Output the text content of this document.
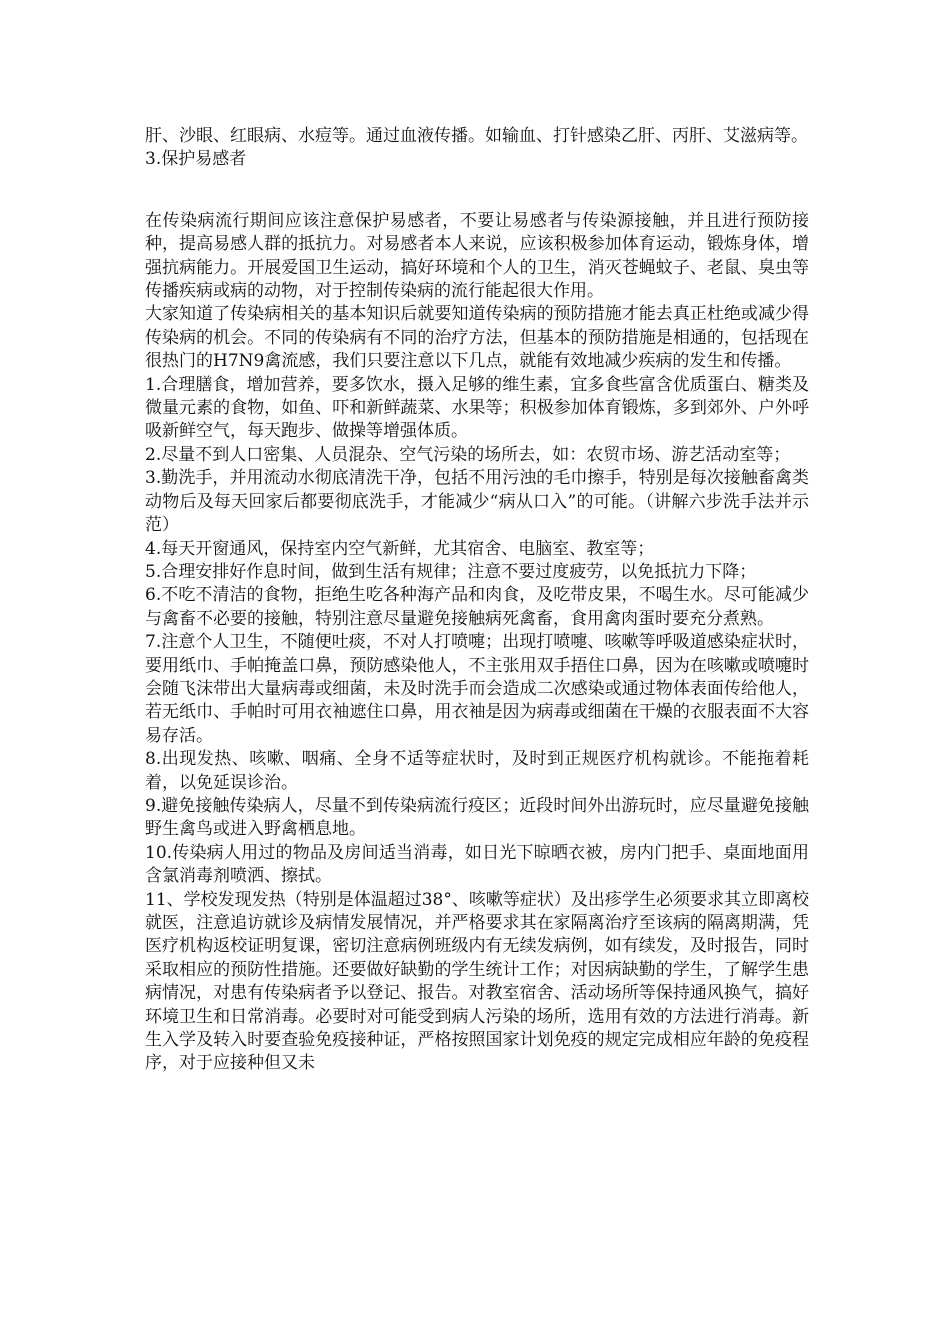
肝、沙眼、红眼病、水痘等。通过血液传播。如输血、打针感染乙肝、丙肝、艾滋病等。

3.保护易感者

在传染病流行期间应该注意保护易感者，不要让易感者与传染源接触，并且进行预防接种，提高易感人群的抵抗力。对易感者本人来说，应该积极参加体育运动，锻炼身体，增强抗病能力。开展爱国卫生运动，搞好环境和个人的卫生，消灭苍蝇蚊子、老鼠、臭虫等传播疾病或病的动物，对于控制传染病的流行能起很大作用。

大家知道了传染病相关的基本知识后就要知道传染病的预防措施才能去真正杜绝或减少得传染病的机会。不同的传染病有不同的治疗方法，但基本的预防措施是相通的，包括现在很热门的H7N9禽流感，我们只要注意以下几点，就能有效地减少疾病的发生和传播。

1.合理膳食，增加营养，要多饮水，摄入足够的维生素，宜多食些富含优质蛋白、糖类及微量元素的食物，如鱼、吓和新鲜蔬菜、水果等；积极参加体育锻炼，多到郊外、户外呼吸新鲜空气，每天跑步、做操等增强体质。

2.尽量不到人口密集、人员混杂、空气污染的场所去，如：农贸市场、游艺活动室等；

3.勤洗手，并用流动水彻底清洗干净，包括不用污浊的毛巾擦手，特别是每次接触畜禽类动物后及每天回家后都要彻底洗手，才能减少“病从口入”的可能。（讲解六步洗手法并示范）

4.每天开窗通风，保持室内空气新鲜，尤其宿舍、电脑室、教室等；

5.合理安排好作息时间，做到生活有规律；注意不要过度疲劳，以免抵抗力下降；

6.不吃不清洁的食物，拒绝生吃各种海产品和肉食，及吃带皮果，不喝生水。尽可能减少与禽畜不必要的接触，特别注意尽量避免接触病死禽畜，食用禽肉蛋时要充分煮熟。

7.注意个人卫生，不随便吐痰，不对人打喷嚏；出现打喷嚏、咳嗽等呼吸道感染症状时，要用纸巾、手帕掩盖口鼻，预防感染他人，不主张用双手捂住口鼻，因为在咳嗽或喷嚏时会随飞沫带出大量病毒或细菌，未及时洗手而会造成二次感染或通过物体表面传给他人，若无纸巾、手帕时可用衣袖遮住口鼻，用衣袖是因为病毒或细菌在干燥的衣服表面不大容易存活。

8.出现发热、咳嗽、咽痛、全身不适等症状时，及时到正规医疗机构就诊。不能拖着耗着，以免延误诊治。

9.避免接触传染病人，尽量不到传染病流行疫区；近段时间外出游玩时，应尽量避免接触野生禽鸟或进入野禽栖息地。

10.传染病人用过的物品及房间适当消毒，如日光下晾晒衣被，房内门把手、桌面地面用含氯消毒剂喷洒、擦拭。

11、学校发现发热（特别是体温超过38°、咳嗽等症状）及出疹学生必须要求其立即离校就医，注意追访就诊及病情发展情况，并严格要求其在家隔离治疗至该病的隔离期满，凭医疗机构返校证明复课，密切注意病例班级内有无续发病例，如有续发，及时报告，同时采取相应的预防性措施。还要做好缺勤的学生统计工作；对因病缺勤的学生，了解学生患病情况，对患有传染病者予以登记、报告。对教室宿舍、活动场所等保持通风换气，搞好环境卫生和日常消毒。必要时对可能受到病人污染的场所，选用有效的方法进行消毒。新生入学及转入时要查验免疫接种证，严格按照国家计划免疫的规定完成相应年龄的免疫程序，对于应接种但又未
